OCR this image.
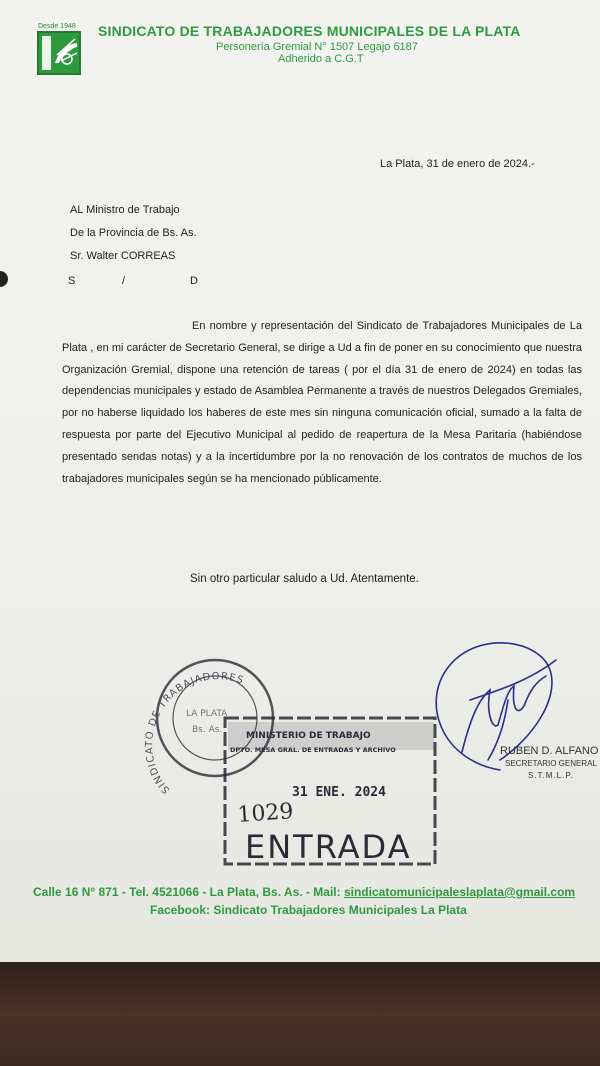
Desde 1948 SINDICATO DE TRABAJADORES MUNICIPALES DE LA PLATA
Personería Gremial N° 1507 Legajo 6187
Adherido a C.G.T
La Plata, 31 de enero de 2024.-
AL Ministro de Trabajo
De la Provincia de Bs. As.
Sr. Walter CORREAS
S	/	D
En nombre y representación del Sindicato de Trabajadores Municipales de La Plata , en mi carácter de Secretario General, se dirige a Ud a fin de poner en su conocimiento que nuestra Organización Gremial, dispone una retención de tareas ( por el día 31 de enero de 2024) en todas las dependencias municipales y estado de Asamblea Permanente a través de nuestros Delegados Gremiales, por no haberse liquidado los haberes de este mes sin ninguna comunicación oficial, sumado a la falta de respuesta por parte del Ejecutivo Municipal al pedido de reapertura de la Mesa Paritaria (habiéndose presentado sendas notas) y a la incertidumbre por la no renovación de los contratos de muchos de los trabajadores municipales según se ha mencionado públicamente.
Sin otro particular saludo a Ud. Atentamente.
SINDICATO DE TRABAJADORES
LA PLATA
Bs. As.
MINISTERIO DE TRABAJO
DPTO. MESA GRAL. DE ENTRADAS Y ARCHIVO
1029
31 ENE. 2024
ENTRADA
RUBEN D. ALFANO
SECRETARIO GENERAL
S.T.M.L.P.
Calle 16 N° 871 - Tel. 4521066 - La Plata, Bs. As. - Mail: sindicatomunicipaleslaplata@gmail.com
Facebook: Sindicato Trabajadores Municipales La Plata
